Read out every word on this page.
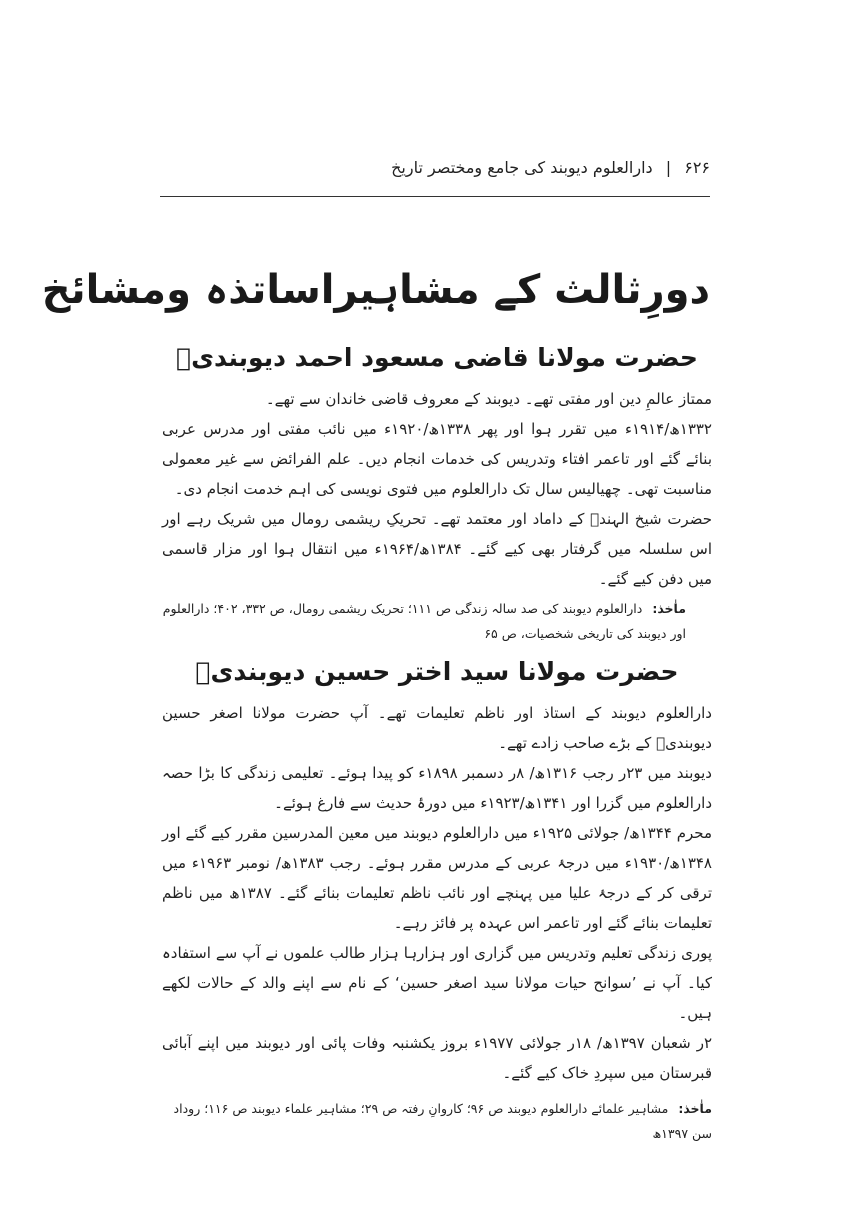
۶۲۶ | دارالعلوم دیوبند کی جامع ومختصر تاریخ
دورِثالث کے مشاہیراساتذہ ومشائخ
حضرت مولانا قاضی مسعود احمد دیوبندیؒ

ممتاز عالمِ دین اور مفتی تھے۔ دیوبند کے معروف قاضی خاندان سے تھے۔

۱۳۳۲ھ/۱۹۱۴ء میں تقرر ہوا اور پھر ۱۳۳۸ھ/۱۹۲۰ء میں نائب مفتی اور مدرس عربی بنائے گئے اور تاعمر افتاء وتدریس کی خدمات انجام دیں۔ علم الفرائض سے غیر معمولی مناسبت تھی۔ چھیالیس سال تک دارالعلوم میں فتوی نویسی کی اہم خدمت انجام دی۔

حضرت شیخ الہندؒ کے داماد اور معتمد تھے۔ تحریکِ ریشمی رومال میں شریک رہے اور اس سلسلہ میں گرفتار بھی کیے گئے۔ ۱۳۸۴ھ/۱۹۶۴ء میں انتقال ہوا اور مزار قاسمی میں دفن کیے گئے۔

ماٰخذ: دارالعلوم دیوبند کی صد سالہ زندگی ص ۱۱۱؛ تحریک ریشمی رومال، ص ۳۳۲، ۴۰۲؛ دارالعلوم اور دیوبند کی تاریخی شخصیات، ص ۶۵
حضرت مولانا سید اختر حسین دیوبندیؒ

دارالعلوم دیوبند کے استاذ اور ناظم تعلیمات تھے۔ آپ حضرت مولانا اصغر حسین دیوبندیؒ کے بڑے صاحب زادے تھے۔

دیوبند میں ۲۳ر رجب ۱۳۱۶ھ/ ۸ر دسمبر ۱۸۹۸ء کو پیدا ہوئے۔ تعلیمی زندگی کا بڑا حصہ دارالعلوم میں گزرا اور ۱۳۴۱ھ/۱۹۲۳ء میں دورۂ حدیث سے فارغ ہوئے۔

محرم ۱۳۴۴ھ/ جولائی ۱۹۲۵ء میں دارالعلوم دیوبند میں معین المدرسین مقرر کیے گئے اور ۱۳۴۸ھ/۱۹۳۰ء میں درجۂ عربی کے مدرس مقرر ہوئے۔ رجب ۱۳۸۳ھ/ نومبر ۱۹۶۳ء میں ترقی کر کے درجۂ علیا میں پہنچے اور نائب ناظم تعلیمات بنائے گئے۔ ۱۳۸۷ھ میں ناظم تعلیمات بنائے گئے اور تاعمر اس عہدہ پر فائز رہے۔

پوری زندگی تعلیم وتدریس میں گزاری اور ہزارہا ہزار طالب علموں نے آپ سے استفادہ کیا۔ آپ نے ’سوانح حیات مولانا سید اصغر حسین‘ کے نام سے اپنے والد کے حالات لکھے ہیں۔

۲ر شعبان ۱۳۹۷ھ/ ۱۸ر جولائی ۱۹۷۷ء بروز یکشنبہ وفات پائی اور دیوبند میں اپنے آبائی قبرستان میں سپردِ خاک کیے گئے۔

ماٰخذ: مشاہیر علمائے دارالعلوم دیوبند ص ۹۶؛ کاروانِ رفتہ ص ۲۹؛ مشاہیر علماء دیوبند ص ۱۱۶؛ روداد سن ۱۳۹۷ھ
